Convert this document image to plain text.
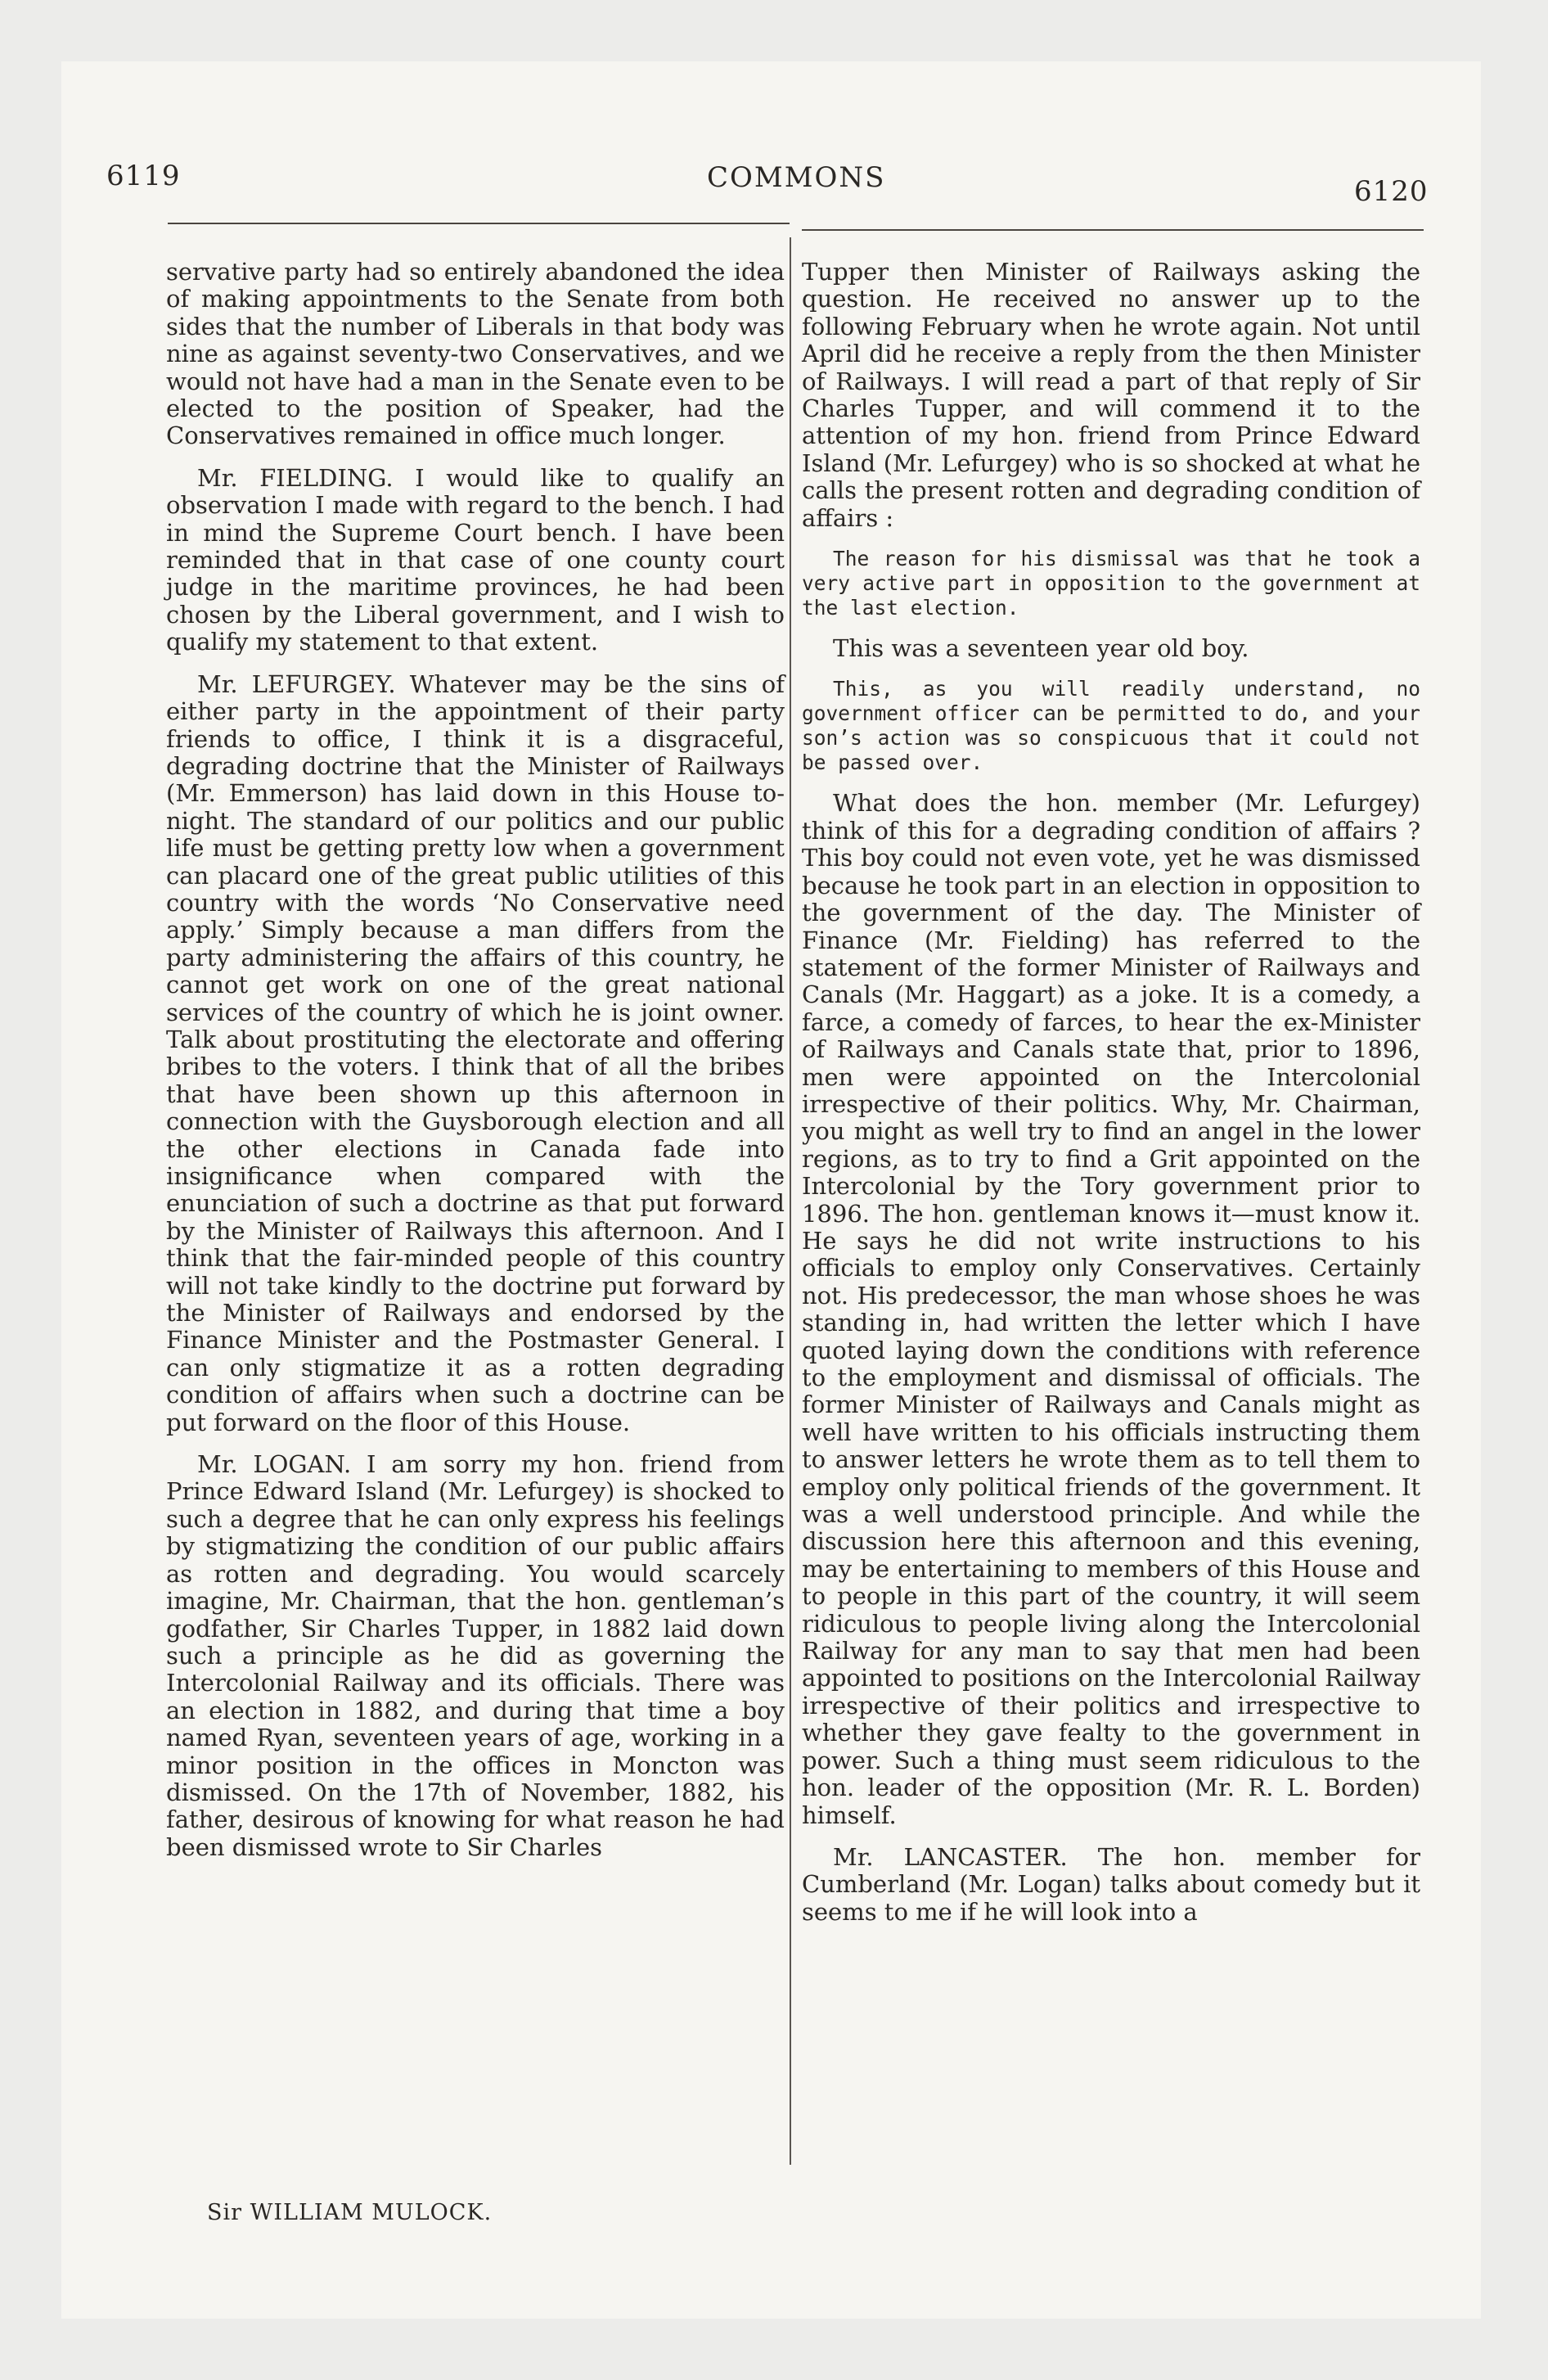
6119	COMMONS	6120

servative party had so entirely abandoned the idea of making appointments to the Senate from both sides that the number of Liberals in that body was nine as against seventy-two Conservatives, and we would not have had a man in the Senate even to be elected to the position of Speaker, had the Conservatives remained in office much longer.

Mr. FIELDING. I would like to qualify an observation I made with regard to the bench. I had in mind the Supreme Court bench. I have been reminded that in that case of one county court judge in the maritime provinces, he had been chosen by the Liberal government, and I wish to qualify my statement to that extent.

Mr. LEFURGEY. Whatever may be the sins of either party in the appointment of their party friends to office, I think it is a disgraceful, degrading doctrine that the Minister of Railways (Mr. Emmerson) has laid down in this House to-night. The standard of our politics and our public life must be getting pretty low when a government can placard one of the great public utilities of this country with the words ‘No Conservative need apply.’ Simply because a man differs from the party administering the affairs of this country, he cannot get work on one of the great national services of the country of which he is joint owner. Talk about prostituting the electorate and offering bribes to the voters. I think that of all the bribes that have been shown up this afternoon in connection with the Guysborough election and all the other elections in Canada fade into insignificance when compared with the enunciation of such a doctrine as that put forward by the Minister of Railways this afternoon. And I think that the fair-minded people of this country will not take kindly to the doctrine put forward by the Minister of Railways and endorsed by the Finance Minister and the Postmaster General. I can only stigmatize it as a rotten degrading condition of affairs when such a doctrine can be put forward on the floor of this House.

Mr. LOGAN. I am sorry my hon. friend from Prince Edward Island (Mr. Lefurgey) is shocked to such a degree that he can only express his feelings by stigmatizing the condition of our public affairs as rotten and degrading. You would scarcely imagine, Mr. Chairman, that the hon. gentleman’s godfather, Sir Charles Tupper, in 1882 laid down such a principle as he did as governing the Intercolonial Railway and its officials. There was an election in 1882, and during that time a boy named Ryan, seventeen years of age, working in a minor position in the offices in Moncton was dismissed. On the 17th of November, 1882, his father, desirous of knowing for what reason he had been dismissed wrote to Sir Charles

Tupper then Minister of Railways asking the question. He received no answer up to the following February when he wrote again. Not until April did he receive a reply from the then Minister of Railways. I will read a part of that reply of Sir Charles Tupper, and will commend it to the attention of my hon. friend from Prince Edward Island (Mr. Lefurgey) who is so shocked at what he calls the present rotten and degrading condition of affairs :

The reason for his dismissal was that he took a very active part in opposition to the government at the last election.

This was a seventeen year old boy.

This, as you will readily understand, no government officer can be permitted to do, and your son’s action was so conspicuous that it could not be passed over.

What does the hon. member (Mr. Lefurgey) think of this for a degrading condition of affairs ? This boy could not even vote, yet he was dismissed because he took part in an election in opposition to the government of the day. The Minister of Finance (Mr. Fielding) has referred to the statement of the former Minister of Railways and Canals (Mr. Haggart) as a joke. It is a comedy, a farce, a comedy of farces, to hear the ex-Minister of Railways and Canals state that, prior to 1896, men were appointed on the Intercolonial irrespective of their politics. Why, Mr. Chairman, you might as well try to find an angel in the lower regions, as to try to find a Grit appointed on the Intercolonial by the Tory government prior to 1896. The hon. gentleman knows it—must know it. He says he did not write instructions to his officials to employ only Conservatives. Certainly not. His predecessor, the man whose shoes he was standing in, had written the letter which I have quoted laying down the conditions with reference to the employment and dismissal of officials. The former Minister of Railways and Canals might as well have written to his officials instructing them to answer letters he wrote them as to tell them to employ only political friends of the government. It was a well understood principle. And while the discussion here this afternoon and this evening, may be entertaining to members of this House and to people in this part of the country, it will seem ridiculous to people living along the Intercolonial Railway for any man to say that men had been appointed to positions on the Intercolonial Railway irrespective of their politics and irrespective to whether they gave fealty to the government in power. Such a thing must seem ridiculous to the hon. leader of the opposition (Mr. R. L. Borden) himself.

Mr. LANCASTER. The hon. member for Cumberland (Mr. Logan) talks about comedy but it seems to me if he will look into a

Sir WILLIAM MULOCK.
